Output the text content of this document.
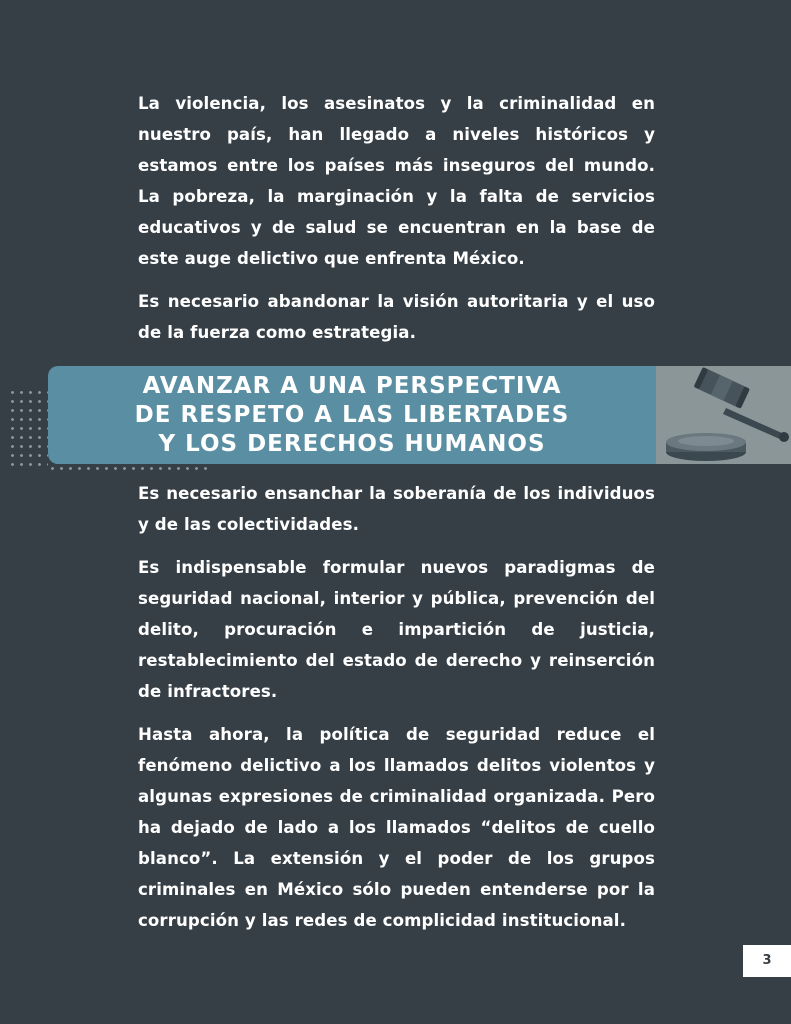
La violencia, los asesinatos y la criminalidad en nuestro país, han llegado a niveles históricos y estamos entre los países más inseguros del mundo. La pobreza, la marginación y la falta de servicios educativos y de salud se encuentran en la base de este auge delictivo que enfrenta México.

Es necesario abandonar la visión autoritaria y el uso de la fuerza como estrategia.

AVANZAR A UNA PERSPECTIVA
DE RESPETO A LAS LIBERTADES
Y LOS DERECHOS HUMANOS

Es necesario ensanchar la soberanía de los individuos y de las colectividades.

Es indispensable formular nuevos paradigmas de seguridad nacional, interior y pública, prevención del delito, procuración e impartición de justicia, restablecimiento del estado de derecho y reinserción de infractores.

Hasta ahora, la política de seguridad reduce el fenómeno delictivo a los llamados delitos violentos y algunas expresiones de criminalidad organizada. Pero ha dejado de lado a los llamados “delitos de cuello blanco”. La extensión y el poder de los grupos criminales en México sólo pueden entenderse por la corrupción y las redes de complicidad institucional.

3
